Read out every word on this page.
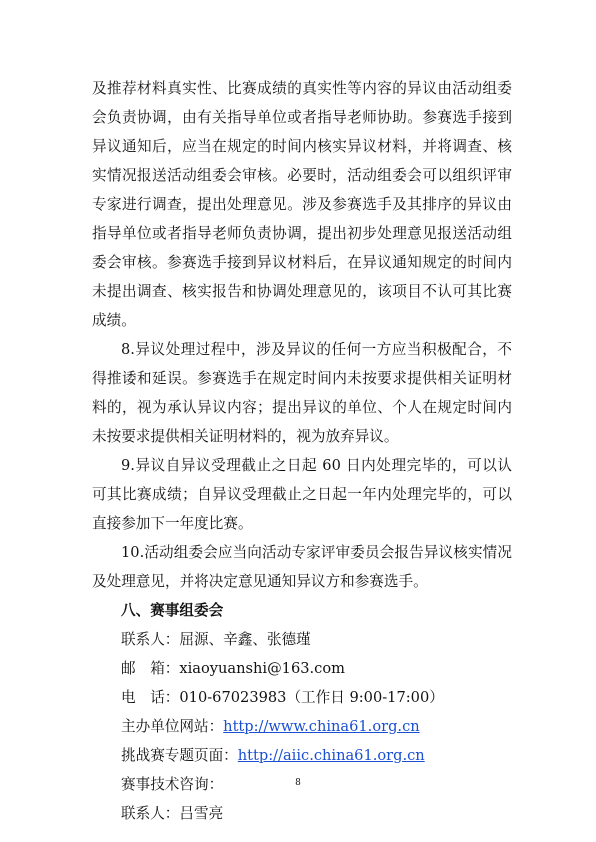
及推荐材料真实性、比赛成绩的真实性等内容的异议由活动组委会负责协调，由有关指导单位或者指导老师协助。参赛选手接到异议通知后，应当在规定的时间内核实异议材料，并将调查、核实情况报送活动组委会审核。必要时，活动组委会可以组织评审专家进行调查，提出处理意见。涉及参赛选手及其排序的异议由指导单位或者指导老师负责协调，提出初步处理意见报送活动组委会审核。参赛选手接到异议材料后，在异议通知规定的时间内未提出调查、核实报告和协调处理意见的，该项目不认可其比赛成绩。

8.异议处理过程中，涉及异议的任何一方应当积极配合，不得推诿和延误。参赛选手在规定时间内未按要求提供相关证明材料的，视为承认异议内容；提出异议的单位、个人在规定时间内未按要求提供相关证明材料的，视为放弃异议。

9.异议自异议受理截止之日起 60 日内处理完毕的，可以认可其比赛成绩；自异议受理截止之日起一年内处理完毕的，可以直接参加下一年度比赛。

10.活动组委会应当向活动专家评审委员会报告异议核实情况及处理意见，并将决定意见通知异议方和参赛选手。

八、赛事组委会

联系人：屈源、辛鑫、张德瑾

邮　箱：xiaoyuanshi@163.com

电　话：010-67023983（工作日 9:00-17:00）

主办单位网站：http://www.china61.org.cn

挑战赛专题页面：http://aiic.china61.org.cn

赛事技术咨询：

联系人：吕雪亮

8
